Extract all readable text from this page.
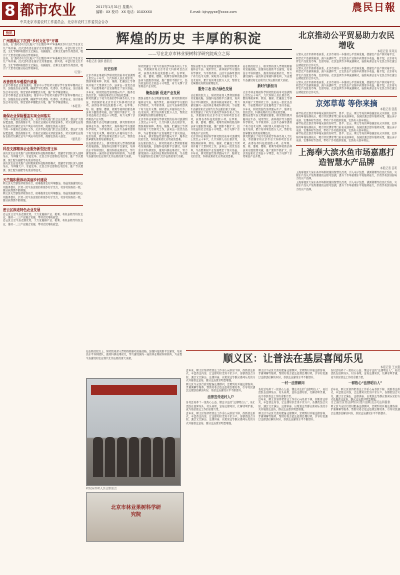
8 都市农业	2017年1月31日 星期六
编辑：XX 校对：XX 电话：010XXXX	E-mail: bjnygyxx@xxxx.com
中共北京市委农村工作委员会、北京市农村工作委员会合办
農民日報
快讯
广州番禺区下沉到“乡村文化节”开幕
日前，以“推动乡村文化振兴”为主题的2017年番禺区乡村文化节在区文化广场开幕。此次活动旨在展示农村新面貌、新风尚，丰富村民文化生活，文化节期间将组织文艺演出、书画展览、农耕文化展等系列活动，吸引了大量市民群众前往参观体验。
日前，以“推动乡村文化振兴”为主题的2017年番禺区乡村文化节在区文化广场开幕。此次活动旨在展示农村新面貌、新风尚，丰富村民文化生活，文化节期间将组织文艺演出、书画展览、农耕文化展等系列活动，吸引了大量市民群众前往参观体验。
（记者）
改善营养早餐提升质量
北京市教委近日发布通知，要求中小学校切实做好学生营养早餐供应工作，加强食品安全管理，确保学生吃得饱、吃得好、吃得安全。各区县将结合本地实际，制定营养早餐配送方案，推广科学膳食理念。
北京市教委近日发布通知，要求中小学校切实做好学生营养早餐供应工作，加强食品安全管理，确保学生吃得饱、吃得好、吃得安全。各区县将结合本地实际，制定营养早餐配送方案，推广科学膳食理念。
（本报讯）
确保农业保险覆盖实现全面落实
为进一步推进农业保险工作，北京市相关部门联合出台意见，提出扩大保险覆盖面，提高保障水平，完善农业保险支持政策体系，切实发挥农业保险在防范化解农业生产风险中的作用，保障农民收入稳定。
为进一步推进农业保险工作，北京市相关部门联合出台意见，提出扩大保险覆盖面，提高保障水平，完善农业保险支持政策体系，切实发挥农业保险在防范化解农业生产风险中的作用，保障农民收入稳定。
（通讯员）
科技支撑精准农业服务新型经营主体
延庆区农业技术推广站积极探索科技服务新模式，组建专家团队深入田间地头，为种植大户、家庭农场、农民合作社提供技术指导，推广节水灌溉、测土配方施肥等先进适用技术。
延庆区农业技术推广站积极探索科技服务新模式，组建专家团队深入田间地头，为种植大户、家庭农场、农民合作社提供技术指导，推广节水灌溉、测土配方施肥等先进适用技术。
天竺镇积极推动美丽乡村建设
顺义区天竺镇坚持规划先行，统筹推进农村环境整治、基础设施建设和公共服务提升，打造一批生态宜居的美丽乡村示范点，村容村貌焕然一新，群众获得感不断增强。
顺义区天竺镇坚持规划先行，统筹推进农村环境整治、基础设施建设和公共服务提升，打造一批生态宜居的美丽乡村示范点，村容村貌焕然一新，群众获得感不断增强。
密云区推进特色农业发展
密云区立足生态资源优势，大力发展蜂产业、板栗、有机杂粮等特色农业，推动一二三产业融合发展，带动农民增收致富。
密云区立足生态资源优势，大力发展蜂产业、板栗、有机杂粮等特色农业，推动一二三产业融合发展，带动农民增收致富。
辉煌的历史 丰厚的积淀
——写在北京市林业果树科学研究院成立之际
本报记者 钱婷 通讯员
历史沿革
北京市林业果树科学研究院的前身可追溯到上世纪五十年代，几代科研人员扎根京郊，围绕果树育种、栽培、植保、贮藏加工等领域开展了大量研究工作，选育出一批优良品种，为首都果树产业发展奠定了坚实基础。多年来，研究院始终坚持面向生产、服务农民的宗旨，科研成果转化应用成效显著。
研究院建立了较为完善的学科体系和人才队伍，承担国家和北京市重大科研项目百余项，获得各类科技奖励数十项。在苹果、梨、桃、葡萄、樱桃、板栗等树种的新品种选育方面取得突破，推广面积不断扩大，经济效益和社会效益十分明显，有力支撑了京郊果品产业升级。
围绕首都生态文明建设需要，研究院积极开展林业生态、城市绿化、森林保护等方面的科学研究，为平原造林、山区生态修复提供了有力技术支撑。同时深入开展科技下乡、技术培训，累计培训果农数万人次，帮助农民掌握先进栽培管理技术。
站在新的起点上，研究院将深入贯彻创新驱动发展战略，加强科技创新平台建设，培育高水平科研团队，推进科研成果转化，努力建设国内一流的林业果树科研机构，为首都生态建设和农业现代化作出新的更大贡献。
研究院建立了较为完善的学科体系和人才队伍，承担国家和北京市重大科研项目百余项，获得各类科技奖励数十项。在苹果、梨、桃、葡萄、樱桃、板栗等树种的新品种选育方面取得突破，推广面积不断扩大，经济效益和社会效益十分明显，有力支撑了京郊果品产业升级。
聚焦创新 促进产业发展
围绕首都生态文明建设需要，研究院积极开展林业生态、城市绿化、森林保护等方面的科学研究，为平原造林、山区生态修复提供了有力技术支撑。同时深入开展科技下乡、技术培训，累计培训果农数万人次，帮助农民掌握先进栽培管理技术。
北京市林业果树科学研究院的前身可追溯到上世纪五十年代，几代科研人员扎根京郊，围绕果树育种、栽培、植保、贮藏加工等领域开展了大量研究工作，选育出一批优良品种，为首都果树产业发展奠定了坚实基础。多年来，研究院始终坚持面向生产、服务农民的宗旨，科研成果转化应用成效显著。
站在新的起点上，研究院将深入贯彻创新驱动发展战略，加强科技创新平台建设，培育高水平科研团队，推进科研成果转化，努力建设国内一流的林业果树科研机构，为首都生态建设和农业现代化作出新的更大贡献。
围绕首都生态文明建设需要，研究院积极开展林业生态、城市绿化、森林保护等方面的科学研究，为平原造林、山区生态修复提供了有力技术支撑。同时深入开展科技下乡、技术培训，累计培训果农数万人次，帮助农民掌握先进栽培管理技术。
服务三农 助力绿色发展
站在新的起点上，研究院将深入贯彻创新驱动发展战略，加强科技创新平台建设，培育高水平科研团队，推进科研成果转化，努力建设国内一流的林业果树科研机构，为首都生态建设和农业现代化作出新的更大贡献。
研究院建立了较为完善的学科体系和人才队伍，承担国家和北京市重大科研项目百余项，获得各类科技奖励数十项。在苹果、梨、桃、葡萄、樱桃、板栗等树种的新品种选育方面取得突破，推广面积不断扩大，经济效益和社会效益十分明显，有力支撑了京郊果品产业升级。
北京市林业果树科学研究院的前身可追溯到上世纪五十年代，几代科研人员扎根京郊，围绕果树育种、栽培、植保、贮藏加工等领域开展了大量研究工作，选育出一批优良品种，为首都果树产业发展奠定了坚实基础。多年来，研究院始终坚持面向生产、服务农民的宗旨，科研成果转化应用成效显著。
站在新的起点上，研究院将深入贯彻创新驱动发展战略，加强科技创新平台建设，培育高水平科研团队，推进科研成果转化，努力建设国内一流的林业果树科研机构，为首都生态建设和农业现代化作出新的更大贡献。
新时代新担当
北京市林业果树科学研究院的前身可追溯到上世纪五十年代，几代科研人员扎根京郊，围绕果树育种、栽培、植保、贮藏加工等领域开展了大量研究工作，选育出一批优良品种，为首都果树产业发展奠定了坚实基础。多年来，研究院始终坚持面向生产、服务农民的宗旨，科研成果转化应用成效显著。
围绕首都生态文明建设需要，研究院积极开展林业生态、城市绿化、森林保护等方面的科学研究，为平原造林、山区生态修复提供了有力技术支撑。同时深入开展科技下乡、技术培训，累计培训果农数万人次，帮助农民掌握先进栽培管理技术。
研究院建立了较为完善的学科体系和人才队伍，承担国家和北京市重大科研项目百余项，获得各类科技奖励数十项。在苹果、梨、桃、葡萄、樱桃、板栗等树种的新品种选育方面取得突破，推广面积不断扩大，经济效益和社会效益十分明显，有力支撑了京郊果品产业升级。
站在新的起点上，研究院将深入贯彻创新驱动发展战略，加强科技创新平台建设，培育高水平科研团队，推进科研成果转化，努力建设国内一流的林业果树科研机构，为首都生态建设和农业现代化作出新的更大贡献。
研究院科研人员合影留念
北京市林业果树科学研究院
北京推动公平贸易助力农民增收
本报记者 李凤双
记者从北京市商务委获悉，北京市将进一步推动公平贸易发展，搭建农产品产销对接平台，拓宽农产品销售渠道，减少流通环节，让农民在产业链中获得更多收益。据介绍，北京将支持农产品批发市场、农超对接、社区直供等多种流通模式，鼓励电商企业与农民合作社建立长期稳定的合作关系。
记者从北京市商务委获悉，北京市将进一步推动公平贸易发展，搭建农产品产销对接平台，拓宽农产品销售渠道，减少流通环节，让农民在产业链中获得更多收益。据介绍，北京将支持农产品批发市场、农超对接、社区直供等多种流通模式，鼓励电商企业与农民合作社建立长期稳定的合作关系。
记者从北京市商务委获悉，北京市将进一步推动公平贸易发展，搭建农产品产销对接平台，拓宽农产品销售渠道，减少流通环节，让农民在产业链中获得更多收益。据介绍，北京将支持农产品批发市场、农超对接、社区直供等多种流通模式，鼓励电商企业与农民合作社建立长期稳定的合作关系。
京郊草莓 等你来摘
本报记者 张燕
春节前后正是京郊草莓采摘的好时节。昌平、密云、顺义等地的草莓园迎来众多游客，红彤彤的草莓挂满枝头，吸引市民携家带口前来采摘体验。各园区通过提升服务质量，推出亲子采摘、农事体验等活动，带动了乡村旅游发展，农民收入稳步增长。
春节前后正是京郊草莓采摘的好时节。昌平、密云、顺义等地的草莓园迎来众多游客，红彤彤的草莓挂满枝头，吸引市民携家带口前来采摘体验。各园区通过提升服务质量，推出亲子采摘、农事体验等活动，带动了乡村旅游发展，农民收入稳步增长。
春节前后正是京郊草莓采摘的好时节。昌平、密云、顺义等地的草莓园迎来众多游客，红彤彤的草莓挂满枝头，吸引市民携家带口前来采摘体验。各园区通过提升服务质量，推出亲子采摘、农事体验等活动，带动了乡村旅游发展，农民收入稳步增长。
上海奉大滨水鱼市场嘉惠打造智慧水产品牌
本报记者 吕莉
上海奉贤区大滨水鱼市场积极推进智慧化改造，引入电子结算、溯源管理等信息化系统，实现水产品从产地到餐桌的全程可追溯，提升了市场管理水平和服务能力，打造具有区域影响力的水产品牌。
上海奉贤区大滨水鱼市场积极推进智慧化改造，引入电子结算、溯源管理等信息化系统，实现水产品从产地到餐桌的全程可追溯，提升了市场管理水平和服务能力，打造具有区域影响力的水产品牌。
顺义区：让普法在基层喜闻乐见
本报记者 王永强
近年来，顺义区坚持把普法工作重心向基层下移，创新普法形式，丰富普法内容，让法律知识走进千家万户。各镇街结合实际，通过文艺演出、法律讲座、以案说法等群众喜闻乐见的方式开展普法宣传，群众法治意识明显增强。
顺义区为全区行政村配备法律顾问，定期到村开展法律咨询、矛盾调解等服务，帮助村委会依法依规处理村务，引导村民通过法律途径解决纠纷，基层法治建设水平不断提升。
法律宣传进村入户
各村还培养了一批热心公益、懂法守法的“法律明白人”，他们活跃在田间地头、村头巷尾，宣传法律知识，化解邻里矛盾，成为基层普法工作的重要力量。
近年来，顺义区坚持把普法工作重心向基层下移，创新普法形式，丰富普法内容，让法律知识走进千家万户。各镇街结合实际，通过文艺演出、法律讲座、以案说法等群众喜闻乐见的方式开展普法宣传，群众法治意识明显增强。
顺义区为全区行政村配备法律顾问，定期到村开展法律咨询、矛盾调解等服务，帮助村委会依法依规处理村务，引导村民通过法律途径解决纠纷，基层法治建设水平不断提升。
一村一法律顾问
各村还培养了一批热心公益、懂法守法的“法律明白人”，他们活跃在田间地头、村头巷尾，宣传法律知识，化解邻里矛盾，成为基层普法工作的重要力量。
近年来，顺义区坚持把普法工作重心向基层下移，创新普法形式，丰富普法内容，让法律知识走进千家万户。各镇街结合实际，通过文艺演出、法律讲座、以案说法等群众喜闻乐见的方式开展普法宣传，群众法治意识明显增强。
顺义区为全区行政村配备法律顾问，定期到村开展法律咨询、矛盾调解等服务，帮助村委会依法依规处理村务，引导村民通过法律途径解决纠纷，基层法治建设水平不断提升。
各村还培养了一批热心公益、懂法守法的“法律明白人”，他们活跃在田间地头、村头巷尾，宣传法律知识，化解邻里矛盾，成为基层普法工作的重要力量。
一群热心“法律明白人”
近年来，顺义区坚持把普法工作重心向基层下移，创新普法形式，丰富普法内容，让法律知识走进千家万户。各镇街结合实际，通过文艺演出、法律讲座、以案说法等群众喜闻乐见的方式开展普法宣传，群众法治意识明显增强。
文艺演出宣传法律知识 图片由顺义区司法局提供
顺义区为全区行政村配备法律顾问，定期到村开展法律咨询、矛盾调解等服务，帮助村委会依法依规处理村务，引导村民通过法律途径解决纠纷，基层法治建设水平不断提升。
